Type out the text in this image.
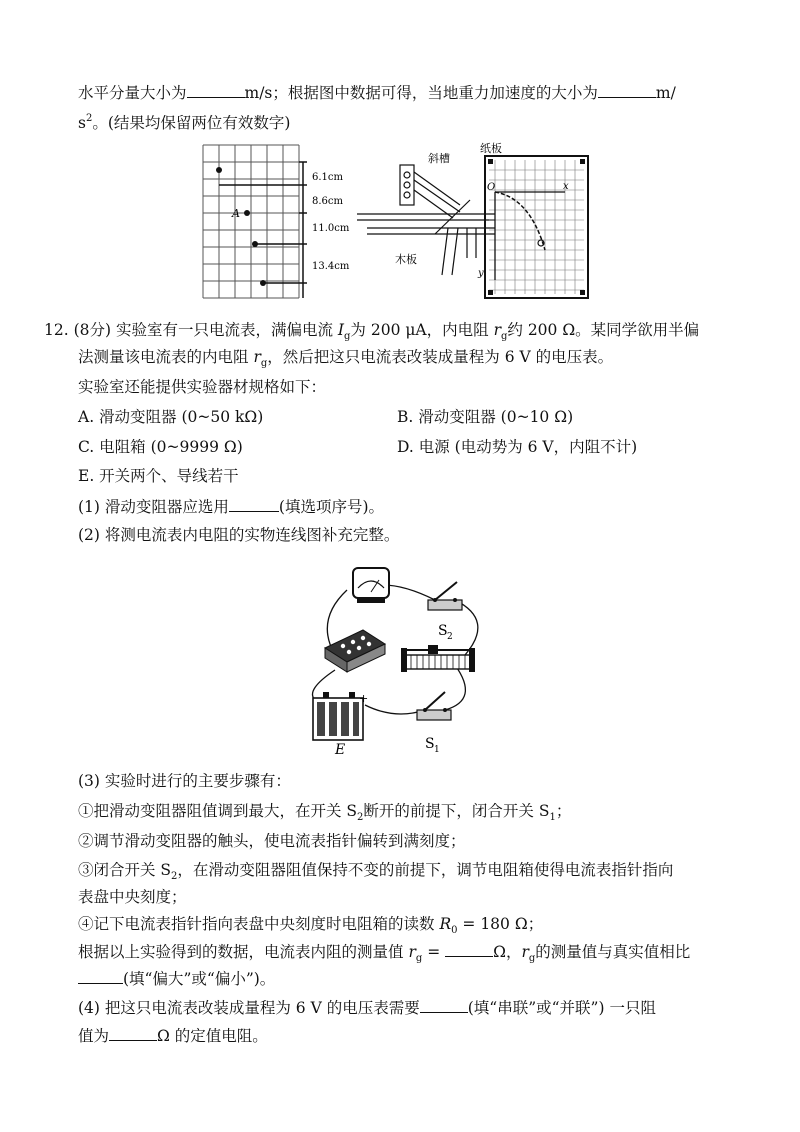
水平分量大小为	m/s；根据图中数据可得，当地重力加速度的大小为	m/
$s^2$。(结果均保留两位有效数字)
A
6.1cm
8.6cm
11.0cm
13.4cm
斜槽
纸板
木板
O	x
y
12. (8分) 实验室有一只电流表，满偏电流 $I_g$为 200 μA，内电阻 $r_g$约 200 Ω。某同学欲用半偏
法测量该电流表的内电阻 $r_g$，然后把这只电流表改装成量程为 6 V 的电压表。
实验室还能提供实验器材规格如下：
A. 滑动变阻器 (0~50 kΩ)	B. 滑动变阻器 (0~10 Ω)
C. 电阻箱 (0~9999 Ω)	D. 电源 (电动势为 6 V，内阻不计)
E. 开关两个、导线若干
(1) 滑动变阻器应选用	(填选项序号)。
(2) 将测电流表内电阻的实物连线图补充完整。
S 2
+
E	S 1
(3) 实验时进行的主要步骤有：
①把滑动变阻器阻值调到最大，在开关 $S_2$断开的前提下，闭合开关 $S_1$；
②调节滑动变阻器的触头，使电流表指针偏转到满刻度；
③闭合开关 $S_2$，在滑动变阻器阻值保持不变的前提下，调节电阻箱使得电流表指针指向
表盘中央刻度；
④记下电流表指针指向表盘中央刻度时电阻箱的读数 $R_0 = 180$ Ω；
根据以上实验得到的数据，电流表内阻的测量值 $r_g$ =	Ω，$r_g$的测量值与真实值相比
(填“偏大”或“偏小”)。
(4) 把这只电流表改装成量程为 6 V 的电压表需要	(填“串联”或“并联”) 一只阻
值为	Ω 的定值电阻。
